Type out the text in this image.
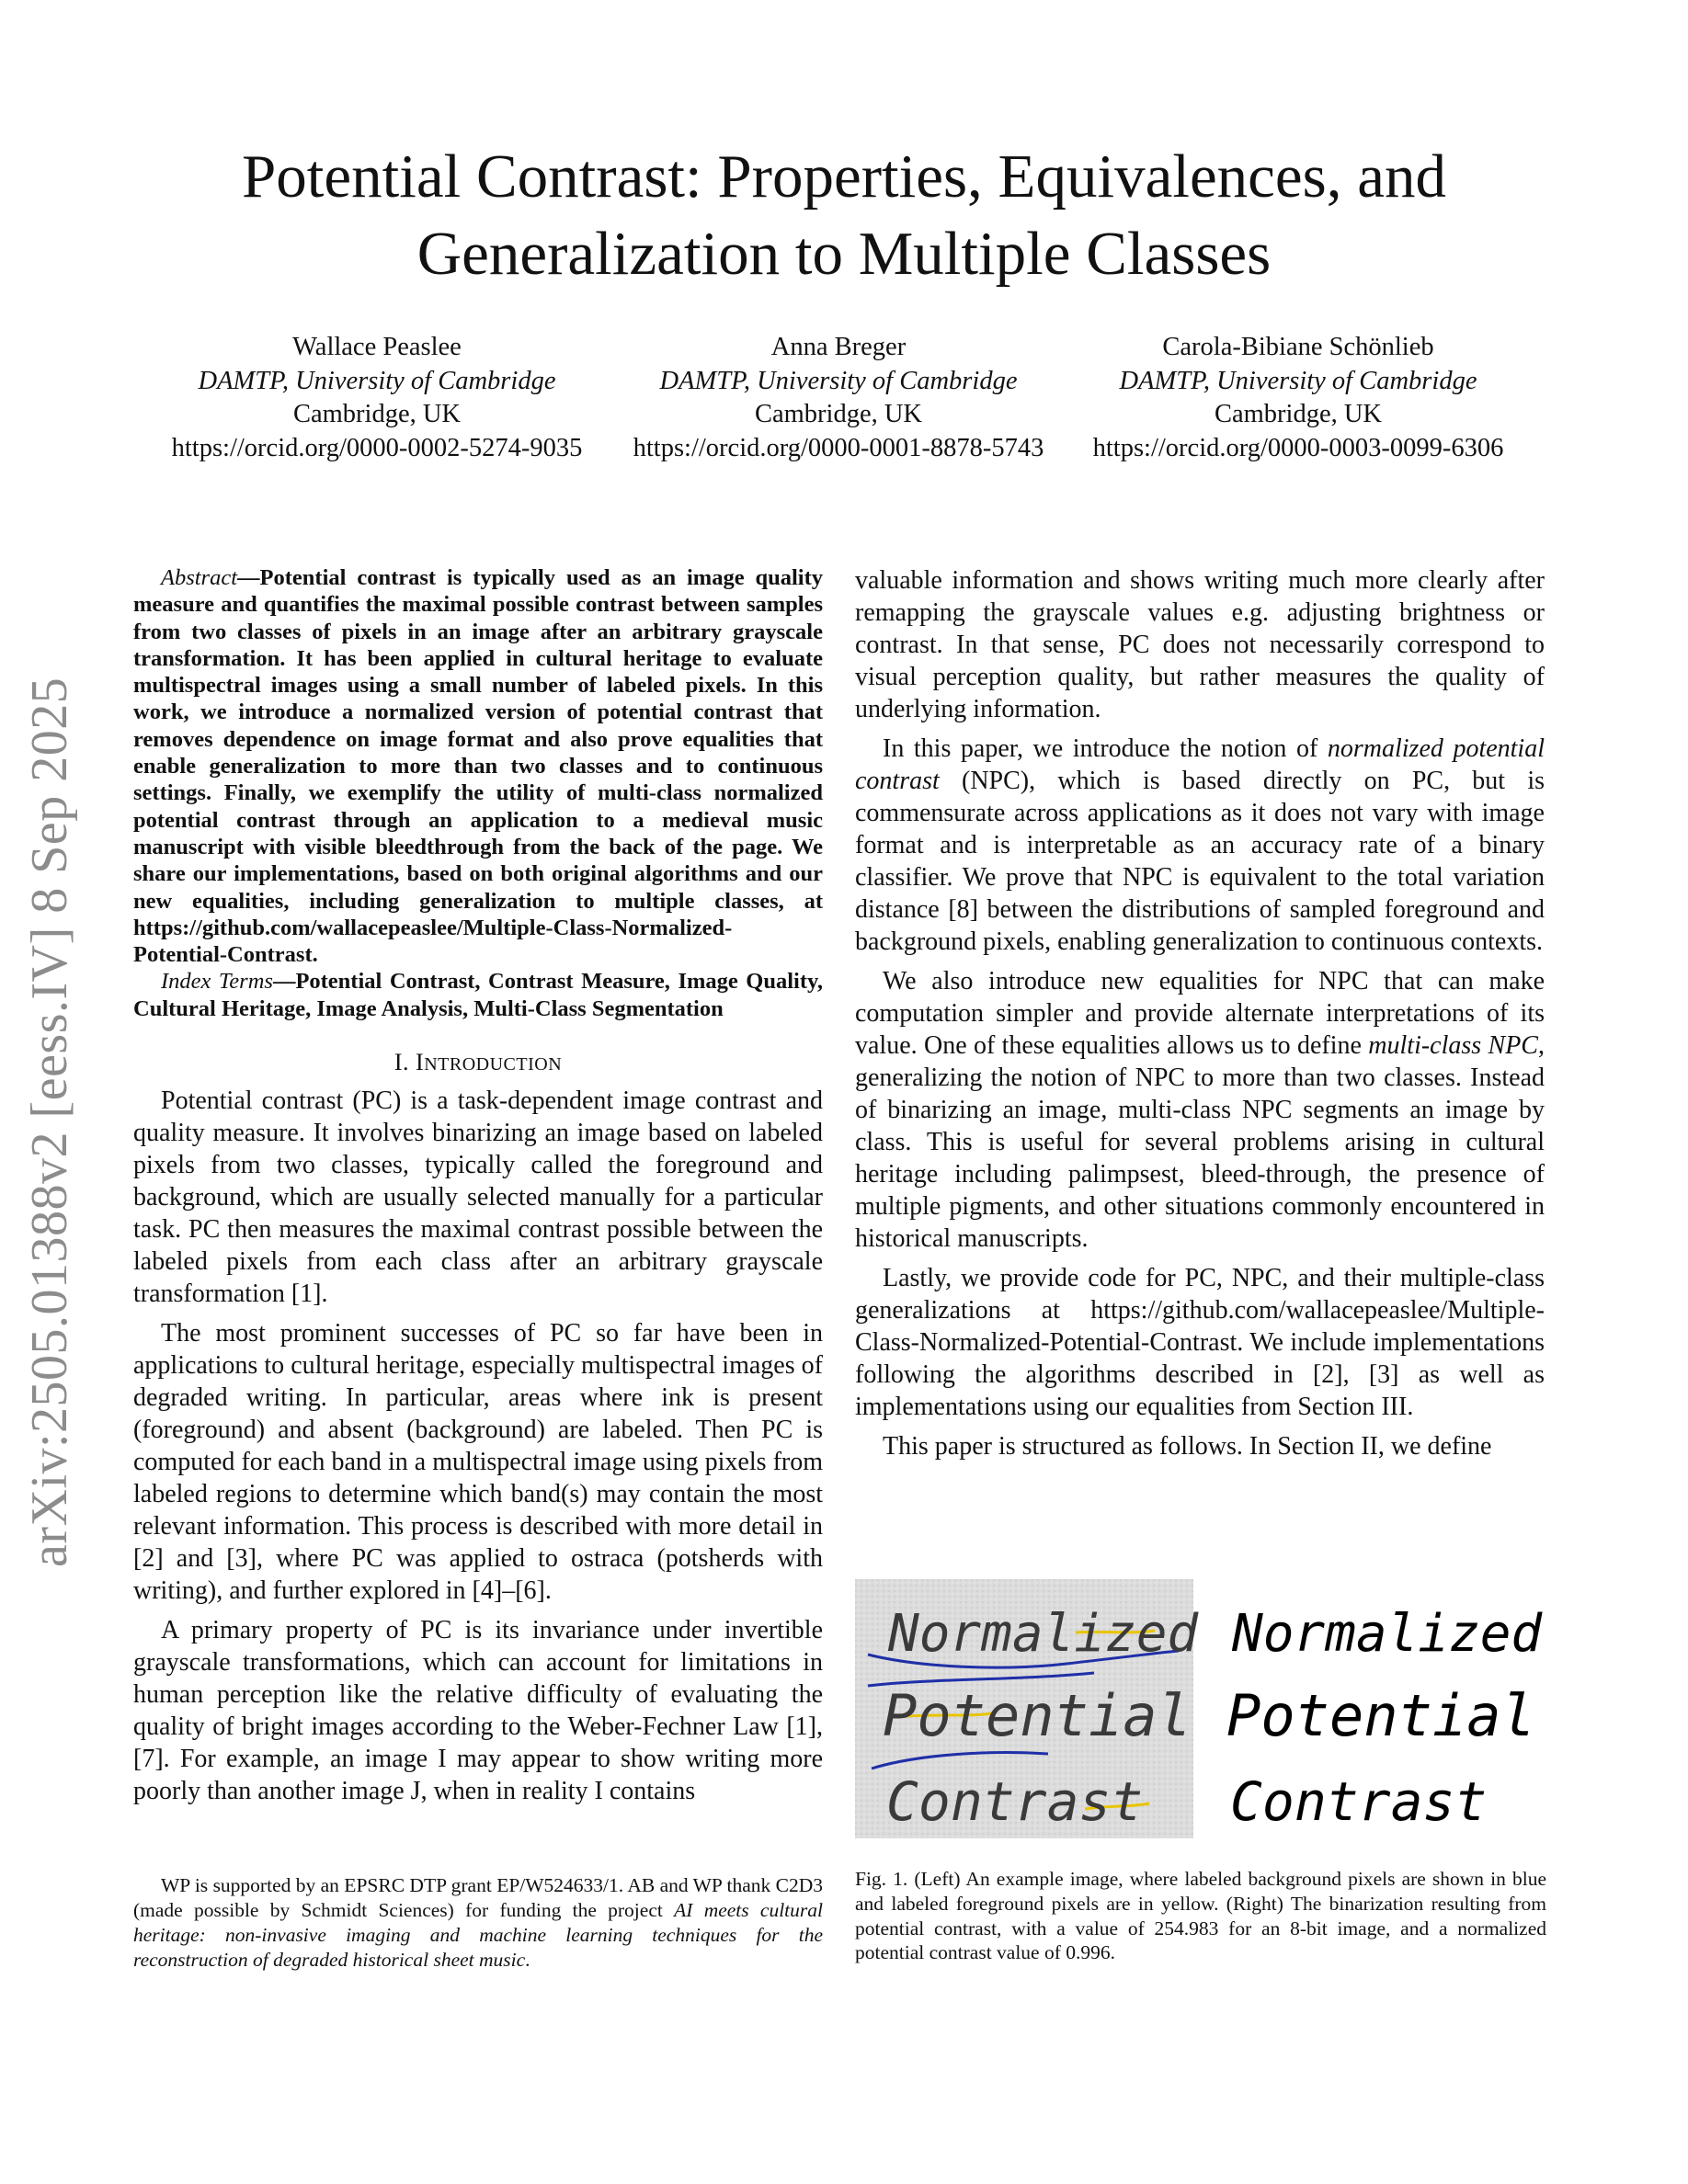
Potential Contrast: Properties, Equivalences, and Generalization to Multiple Classes
Wallace Peaslee
DAMTP, University of Cambridge
Cambridge, UK
https://orcid.org/0000-0002-5274-9035
Anna Breger
DAMTP, University of Cambridge
Cambridge, UK
https://orcid.org/0000-0001-8878-5743
Carola-Bibiane Schönlieb
DAMTP, University of Cambridge
Cambridge, UK
https://orcid.org/0000-0003-0099-6306
arXiv:2505.01388v2 [eess.IV] 8 Sep 2025

Abstract—Potential contrast is typically used as an image quality measure and quantifies the maximal possible contrast between samples from two classes of pixels in an image after an arbitrary grayscale transformation. It has been applied in cultural heritage to evaluate multispectral images using a small number of labeled pixels. In this work, we introduce a normalized version of potential contrast that removes dependence on image format and also prove equalities that enable generalization to more than two classes and to continuous settings. Finally, we exemplify the utility of multi-class normalized potential contrast through an application to a medieval music manuscript with visible bleedthrough from the back of the page. We share our implementations, based on both original algorithms and our new equalities, including generalization to multiple classes, at https://github.com/wallacepeaslee/Multiple-Class-Normalized-Potential-Contrast.

Index Terms—Potential Contrast, Contrast Measure, Image Quality, Cultural Heritage, Image Analysis, Multi-Class Segmentation

I. INTRODUCTION

Potential contrast (PC) is a task-dependent image contrast and quality measure. It involves binarizing an image based on labeled pixels from two classes, typically called the foreground and background, which are usually selected manually for a particular task. PC then measures the maximal contrast possible between the labeled pixels from each class after an arbitrary grayscale transformation [1].

The most prominent successes of PC so far have been in applications to cultural heritage, especially multispectral images of degraded writing. In particular, areas where ink is present (foreground) and absent (background) are labeled. Then PC is computed for each band in a multispectral image using pixels from labeled regions to determine which band(s) may contain the most relevant information. This process is described with more detail in [2] and [3], where PC was applied to ostraca (potsherds with writing), and further explored in [4]–[6].

A primary property of PC is its invariance under invertible grayscale transformations, which can account for limitations in human perception like the relative difficulty of evaluating the quality of bright images according to the Weber-Fechner Law [1], [7]. For example, an image I may appear to show writing more poorly than another image J, when in reality I contains

WP is supported by an EPSRC DTP grant EP/W524633/1. AB and WP thank C2D3 (made possible by Schmidt Sciences) for funding the project AI meets cultural heritage: non-invasive imaging and machine learning techniques for the reconstruction of degraded historical sheet music.

valuable information and shows writing much more clearly after remapping the grayscale values e.g. adjusting brightness or contrast. In that sense, PC does not necessarily correspond to visual perception quality, but rather measures the quality of underlying information.

In this paper, we introduce the notion of normalized potential contrast (NPC), which is based directly on PC, but is commensurate across applications as it does not vary with image format and is interpretable as an accuracy rate of a binary classifier. We prove that NPC is equivalent to the total variation distance [8] between the distributions of sampled foreground and background pixels, enabling generalization to continuous contexts.

We also introduce new equalities for NPC that can make computation simpler and provide alternate interpretations of its value. One of these equalities allows us to define multi-class NPC, generalizing the notion of NPC to more than two classes. Instead of binarizing an image, multi-class NPC segments an image by class. This is useful for several problems arising in cultural heritage including palimpsest, bleed-through, the presence of multiple pigments, and other situations commonly encountered in historical manuscripts.

Lastly, we provide code for PC, NPC, and their multiple-class generalizations at https://github.com/wallacepeaslee/Multiple-Class-Normalized-Potential-Contrast. We include implementations following the algorithms described in [2], [3] as well as implementations using our equalities from Section III.

This paper is structured as follows. In Section II, we define

Normalized
Potential
Contrast
Normalized
Potential
Contrast
Fig. 1. (Left) An example image, where labeled background pixels are shown in blue and labeled foreground pixels are in yellow. (Right) The binarization resulting from potential contrast, with a value of 254.983 for an 8-bit image, and a normalized potential contrast value of 0.996.
